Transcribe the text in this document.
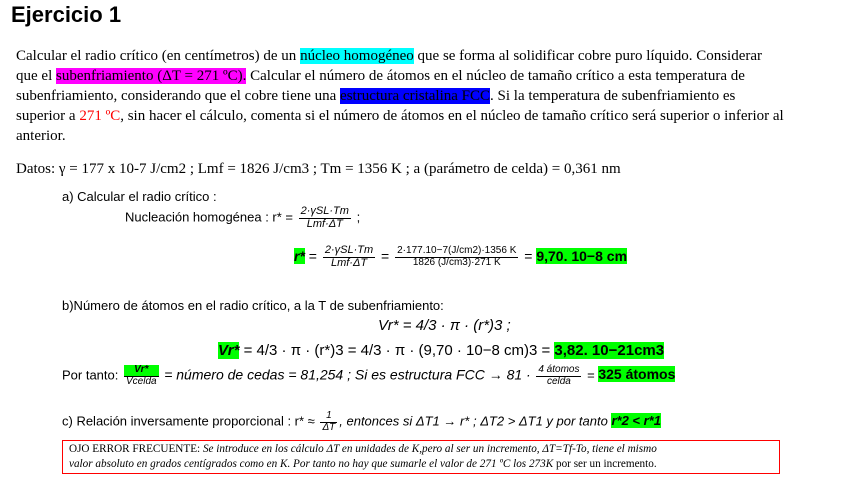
Ejercicio 1
Calcular el radio crítico (en centímetros) de un núcleo homogéneo que se forma al solidificar cobre puro líquido. Considerar
que el subenfriamiento (ΔT = 271 ºC). Calcular el número de átomos en el núcleo de tamaño crítico a esta temperatura de
subenfriamiento, considerando que el cobre tiene una estructura cristalina FCC. Si la temperatura de subenfriamiento es
superior a 271 ºC, sin hacer el cálculo, comenta si el número de átomos en el núcleo de tamaño crítico será superior o inferior al
anterior.
Datos: γ = 177 x 10-7 J/cm2 ; Lmf = 1826 J/cm3 ; Tm = 1356 K ; a (parámetro de celda) = 0,361 nm
a) Calcular el radio crítico :
Nucleación homogénea : $r* = \frac{\text{2·γSL·Tm}}{\text{Lmf·ΔT}}$ ;
$r* = \frac{\text{2·γSL·Tm}}{\text{Lmf·ΔT}} = \frac{2\cdot 177.10-7(J/cm2)\cdot 1356 K}{1826 (J/cm3)\cdot 271 K} = 9,70$. 10−8 cm
b)Número de átomos en el radio crítico, a la T de subenfriamiento:
Vr* = 4/3 · π · (r*)3 ;
Vr* = 4/3 · π · (r*)3 = 4/3 · π · (9,70 · 10−8 cm)3 = 3,82. 10−21cm3
Por tanto: $\frac{Vr*}{\text{Vcelda}}$ = número de cedas = 81,254 ; Si es estructura FCC → $81 \cdot \frac{\text{4 átomos}}{\text{celda}} = 325$ átomos
c) Relación inversamente proporcional : $r* \approx \frac{1}{\Delta T}$ , entonces si ΔT1 → r* ; ΔT2 > ΔT1 y por tanto r*2 < r*1
OJO ERROR FRECUENTE: Se introduce en los cálculo ΔT en unidades de K,pero al ser un incremento, ΔT=Tf-To, tiene el mismo
valor absoluto en grados centígrados como en K. Por tanto no hay que sumarle el valor de 271 ºC los 273K por ser un incremento.
